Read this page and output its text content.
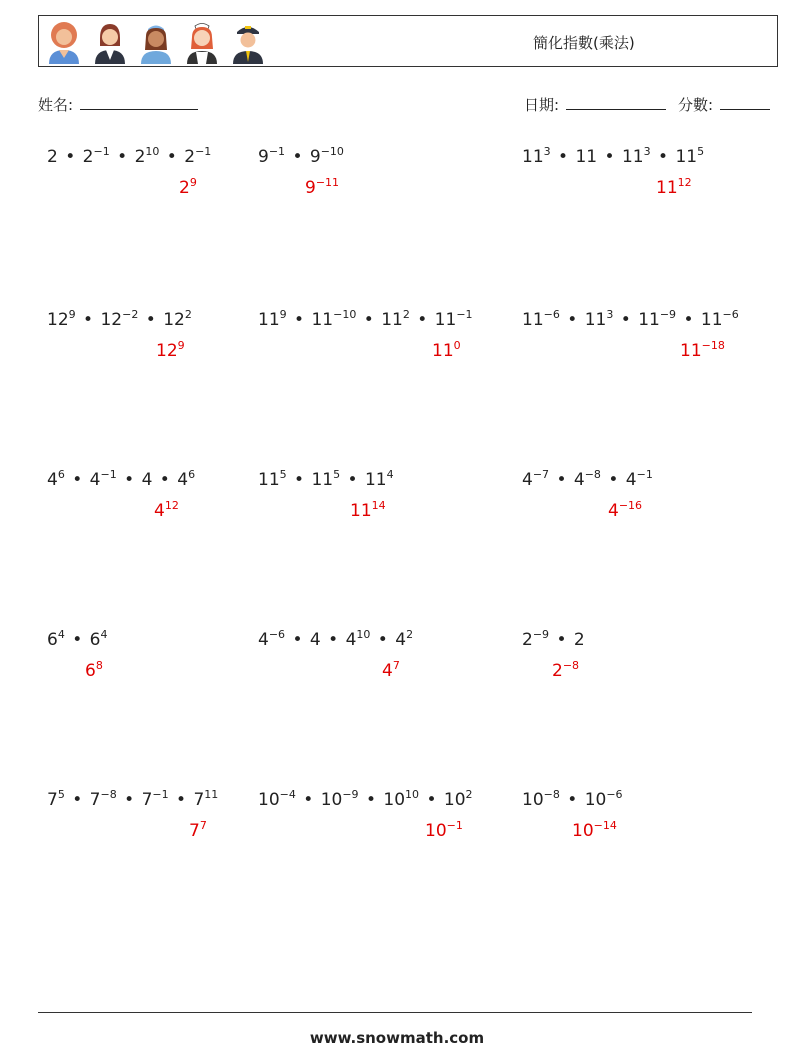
簡化指數(乘法)
姓名:	日期:	分數:
2 • $2^{-1}$ • $2^{10}$ • $2^{-1}$
$2^9$
$9^{-1}$ • $9^{-10}$
$9^{-11}$
$11^3$ • 11 • $11^3$ • $11^5$
$11^{12}$
$12^9$ • $12^{-2}$ • $12^2$
$12^9$
$11^9$ • $11^{-10}$ • $11^2$ • $11^{-1}$
$11^0$
$11^{-6}$ • $11^3$ • $11^{-9}$ • $11^{-6}$
$11^{-18}$
$4^6$ • $4^{-1}$ • 4 • $4^6$
$4^{12}$
$11^5$ • $11^5$ • $11^4$
$11^{14}$
$4^{-7}$ • $4^{-8}$ • $4^{-1}$
$4^{-16}$
$6^4$ • $6^4$
$6^8$
$4^{-6}$ • 4 • $4^{10}$ • $4^2$
$4^7$
$2^{-9}$ • 2
$2^{-8}$
$7^5$ • $7^{-8}$ • $7^{-1}$ • $7^{11}$
$7^7$
$10^{-4}$ • $10^{-9}$ • $10^{10}$ • $10^2$
$10^{-1}$
$10^{-8}$ • $10^{-6}$
$10^{-14}$
www.snowmath.com
